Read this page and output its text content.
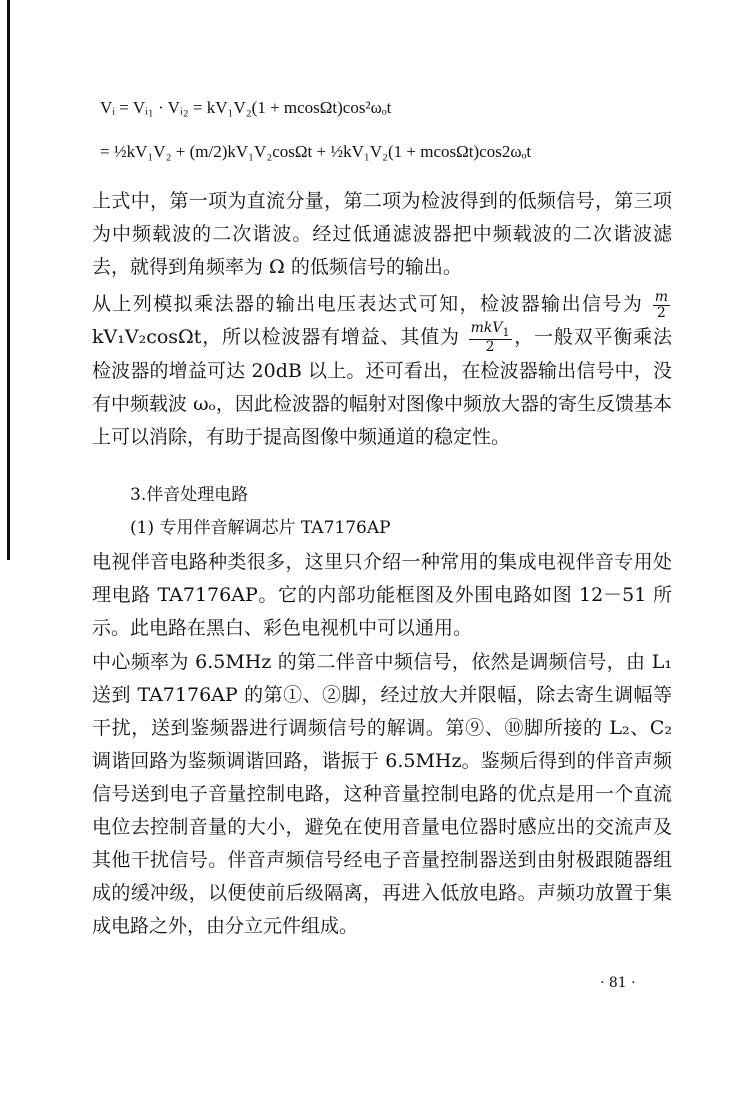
Vᵢ = Vᵢ₁ · Vᵢ₂ = kV₁V₂(1 + mcosΩt)cos²ωₒt
= ½kV₁V₂ + (m/2)kV₁V₂cosΩt + ½kV₁V₂(1 + mcosΩt)cos2ωₒt
上式中，第一项为直流分量，第二项为检波得到的低频信号，第三项为中频载波的二次谐波。经过低通滤波器把中频载波的二次谐波滤去，就得到角频率为 Ω 的低频信号的输出。
从上列模拟乘法器的输出电压表达式可知，检波器输出信号为 $\frac{m}{2}$
kV₁V₂cosΩt，所以检波器有增益、其值为 $\frac{mkV_1}{2}$ ，一般双平衡乘法检波器的增益可达 20dB 以上。还可看出，在检波器输出信号中，没有中频载波 ωₒ，因此检波器的幅射对图像中频放大器的寄生反馈基本上可以消除，有助于提高图像中频通道的稳定性。
3.伴音处理电路
(1) 专用伴音解调芯片 TA7176AP
电视伴音电路种类很多，这里只介绍一种常用的集成电视伴音专用处理电路 TA7176AP。它的内部功能框图及外围电路如图 12－51 所示。此电路在黑白、彩色电视机中可以通用。
中心频率为 6.5MHz 的第二伴音中频信号，依然是调频信号，由 L₁ 送到 TA7176AP 的第①、②脚，经过放大并限幅，除去寄生调幅等干扰，送到鉴频器进行调频信号的解调。第⑨、⑩脚所接的 L₂、C₂ 调谐回路为鉴频调谐回路，谐振于 6.5MHz。鉴频后得到的伴音声频信号送到电子音量控制电路，这种音量控制电路的优点是用一个直流电位去控制音量的大小，避免在使用音量电位器时感应出的交流声及其他干扰信号。伴音声频信号经电子音量控制器送到由射极跟随器组成的缓冲级，以便使前后级隔离，再进入低放电路。声频功放置于集成电路之外，由分立元件组成。
· 81 ·
